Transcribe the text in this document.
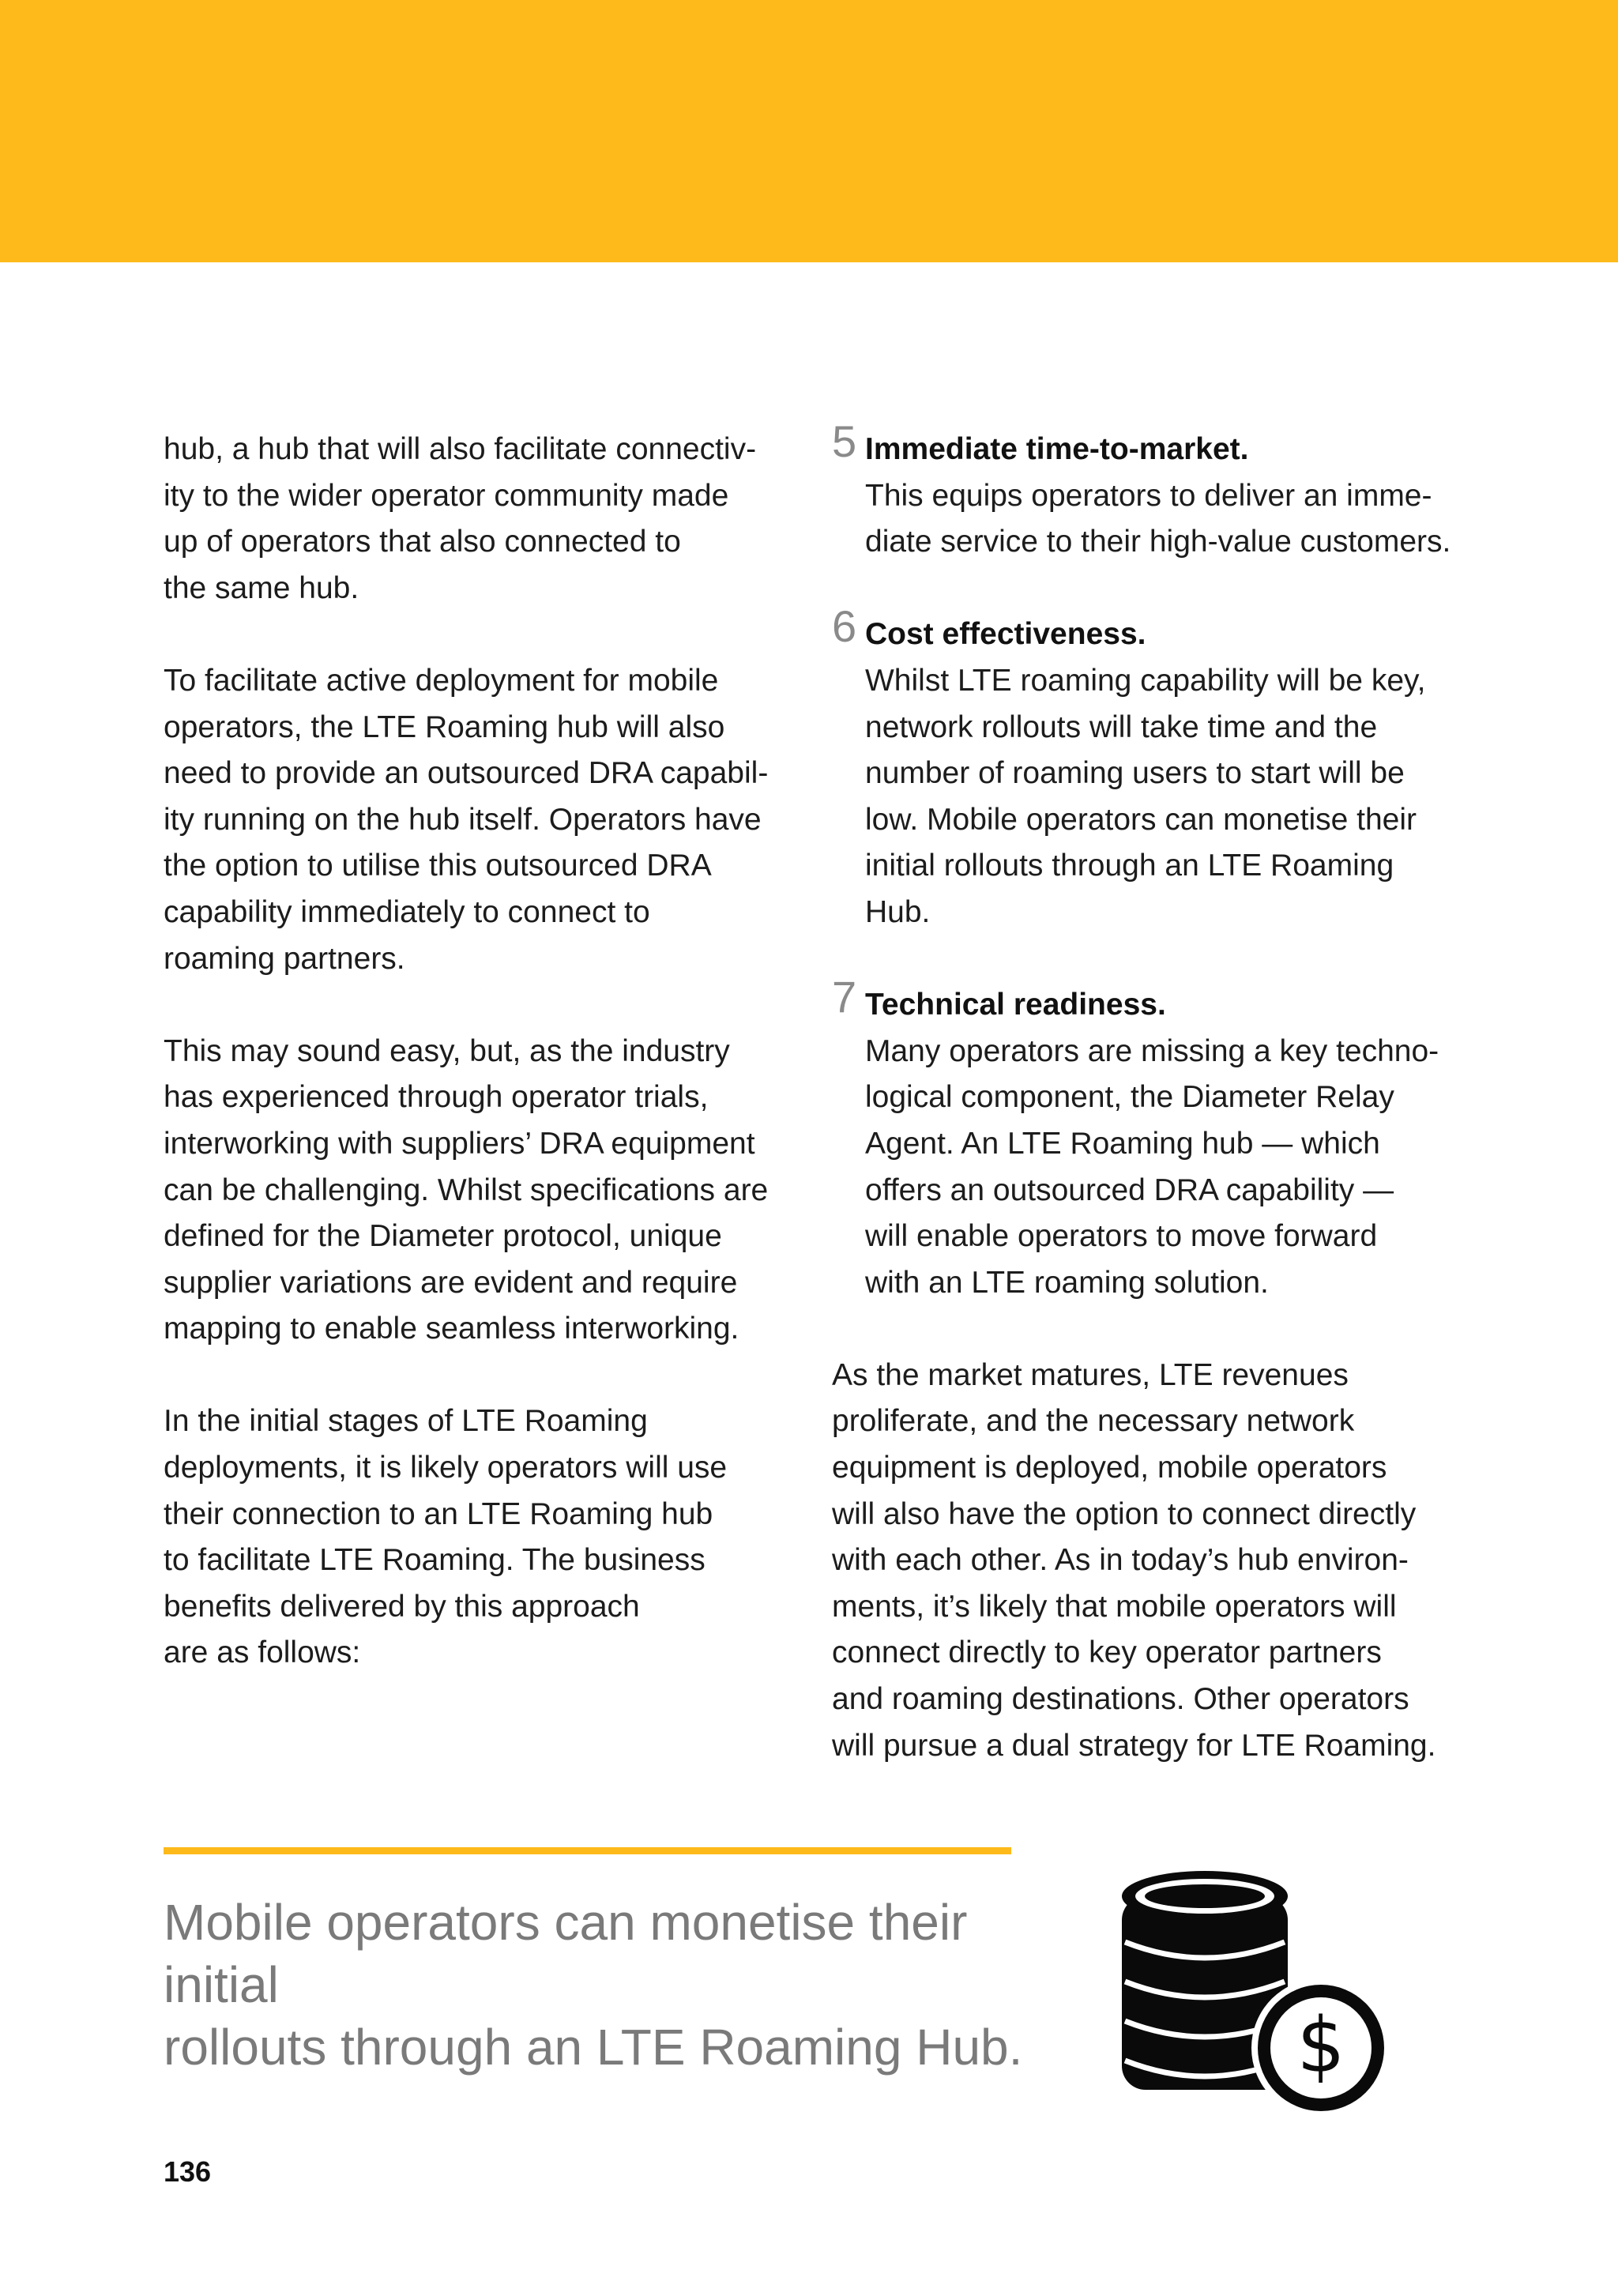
hub, a hub that will also facilitate connectiv-
ity to the wider operator community made
up of operators that also connected to
the same hub.

To facilitate active deployment for mobile
operators, the LTE Roaming hub will also
need to provide an outsourced DRA capabil-
ity running on the hub itself. Operators have
the option to utilise this outsourced DRA
capability immediately to connect to
roaming partners.

This may sound easy, but, as the industry
has experienced through operator trials,
interworking with suppliers’ DRA equipment
can be challenging. Whilst specifications are
defined for the Diameter protocol, unique
supplier variations are evident and require
mapping to enable seamless interworking.

In the initial stages of LTE Roaming
deployments, it is likely operators will use
their connection to an LTE Roaming hub
to facilitate LTE Roaming. The business
benefits delivered by this approach
are as follows:

5 Immediate time-to-market.
This equips operators to deliver an imme-
diate service to their high-value customers.
6 Cost effectiveness.
Whilst LTE roaming capability will be key,
network rollouts will take time and the
number of roaming users to start will be
low. Mobile operators can monetise their
initial rollouts through an LTE Roaming Hub.
7 Technical readiness.
Many operators are missing a key techno-
logical component, the Diameter Relay
Agent. An LTE Roaming hub — which
offers an outsourced DRA capability —
will enable operators to move forward
with an LTE roaming solution.

As the market matures, LTE revenues
proliferate, and the necessary network
equipment is deployed, mobile operators
will also have the option to connect directly
with each other. As in today’s hub environ-
ments, it’s likely that mobile operators will
connect directly to key operator partners
and roaming destinations. Other operators
will pursue a dual strategy for LTE Roaming.

Mobile operators can monetise their initial
rollouts through an LTE Roaming Hub.	$
136
